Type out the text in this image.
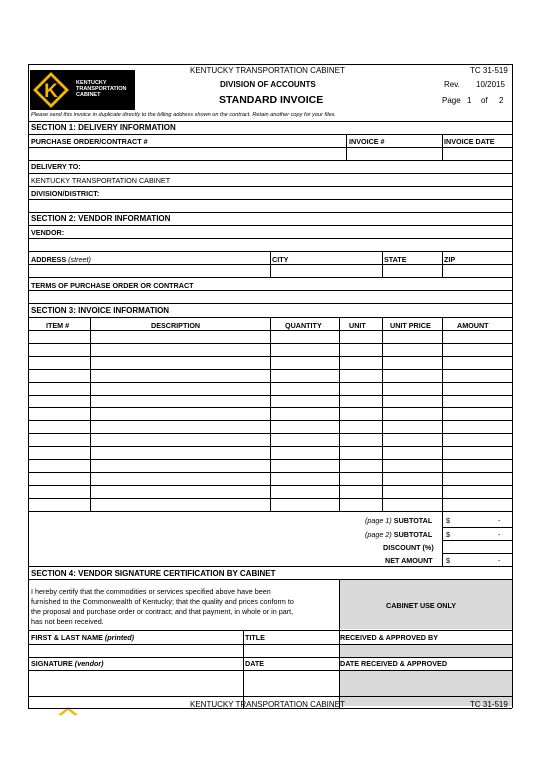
K	KENTUCKY
TRANSPORTATION
CABINET
KENTUCKY TRANSPORTATION CABINET	TC 31-519
DIVISION OF ACCOUNTS	Rev. 10/2015
STANDARD INVOICE	Page 1 of 2
Please send this invoice in duplicate directly to the billing address shown on the contract. Retain another copy for your files.
SECTION 1: DELIVERY INFORMATION
PURCHASE ORDER/CONTRACT #	INVOICE #	INVOICE DATE
DELIVERY TO:
KENTUCKY TRANSPORTATION CABINET
DIVISION/DISTRICT:
SECTION 2: VENDOR INFORMATION
VENDOR:
ADDRESS (street)	CITY	STATE	ZIP
TERMS OF PURCHASE ORDER OR CONTRACT
SECTION 3: INVOICE INFORMATION
ITEM #	DESCRIPTION	QUANTITY	UNIT	UNIT PRICE	AMOUNT
(page 1) SUBTOTAL $	-
(page 2) SUBTOTAL $	-
DISCOUNT (%)
NET AMOUNT $	-
SECTION 4: VENDOR SIGNATURE CERTIFICATION BY CABINET
I hereby certify that the commodities or services specified above have been
furnished to the Commonwealth of Kentucky; that the quality and prices conform to
the proposal and purchase order or contract; and that payment, in whole or in part,
has not been received.
CABINET USE ONLY
FIRST & LAST NAME (printed)	TITLE	RECEIVED & APPROVED BY
SIGNATURE (vendor)	DATE	DATE RECEIVED & APPROVED
KENTUCKY TRANSPORTATION CABINET	TC 31-519
